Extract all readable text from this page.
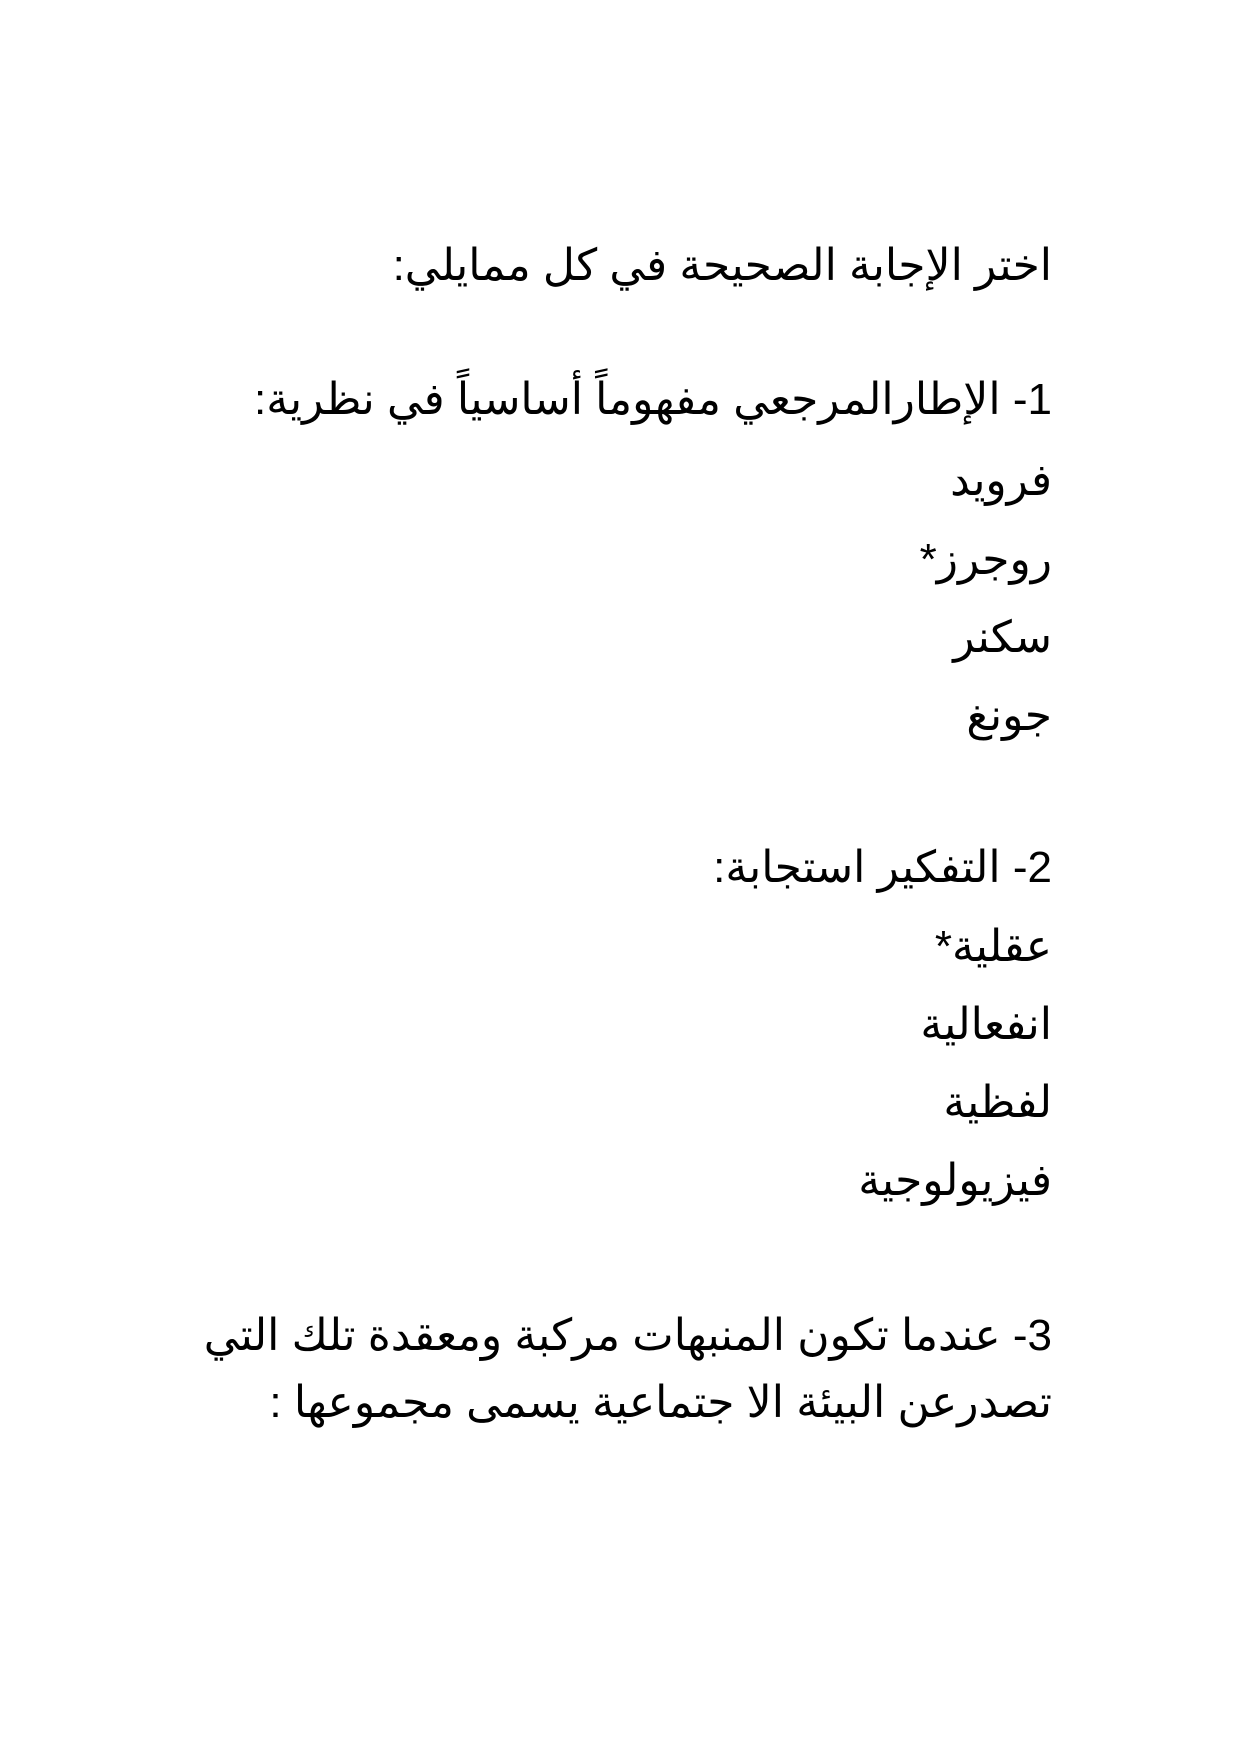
اختر الإجابة الصحيحة في كل ممايلي:
1- الإطارالمرجعي مفهوماً أساسياً في نظرية:
فرويد
روجرز*
سكنر
جونغ
2- التفكير استجابة:
عقلية*
انفعالية
لفظية
فيزيولوجية
3- عندما تكون المنبهات مركبة ومعقدة تلك التي
تصدرعن البيئة الا جتماعية يسمى مجموعها :
